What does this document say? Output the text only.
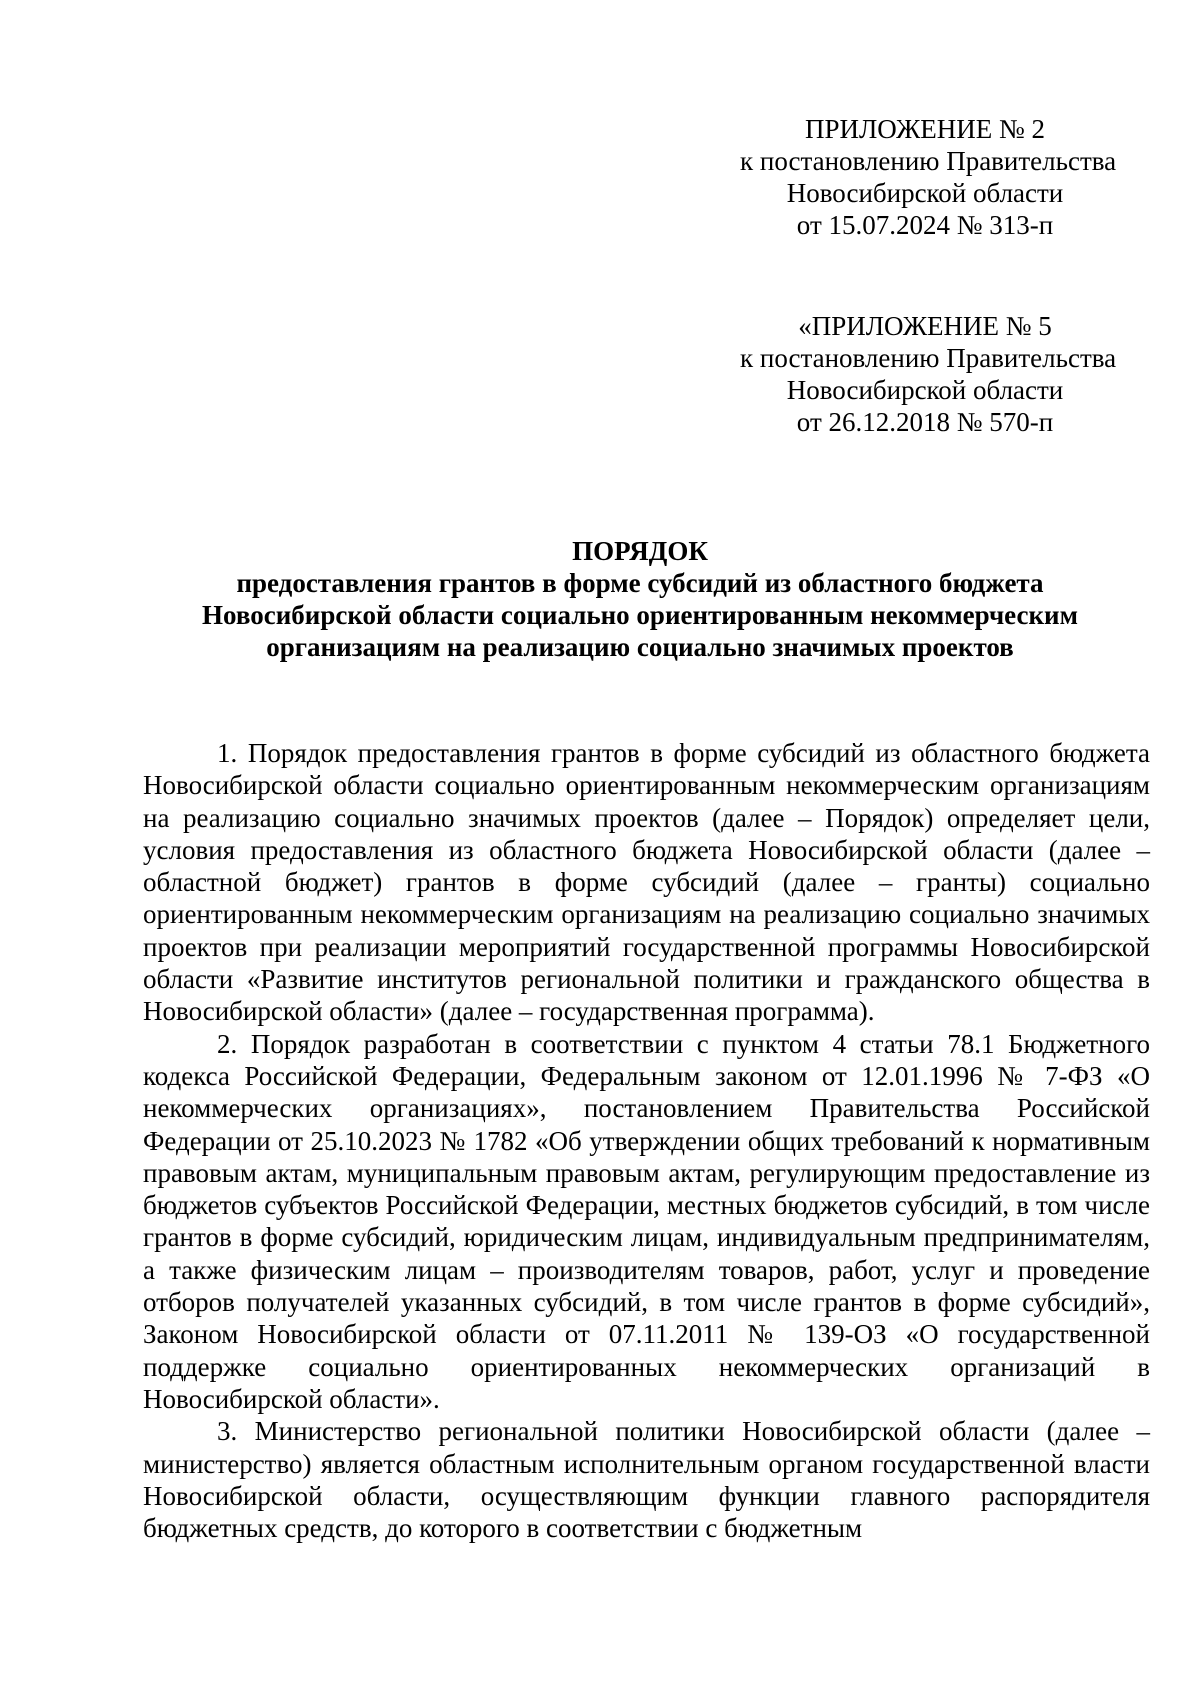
ПРИЛОЖЕНИЕ № 2
к постановлению Правительства
Новосибирской области
от 15.07.2024 № 313-п
«ПРИЛОЖЕНИЕ № 5
к постановлению Правительства
Новосибирской области
от 26.12.2018 № 570-п
ПОРЯДОК
предоставления грантов в форме субсидий из областного бюджета
Новосибирской области социально ориентированным некоммерческим
организациям на реализацию социально значимых проектов

1. Порядок предоставления грантов в форме субсидий из областного бюджета Новосибирской области социально ориентированным некоммерческим организациям на реализацию социально значимых проектов (далее – Порядок) определяет цели, условия предоставления из областного бюджета Новосибирской области (далее – областной бюджет) грантов в форме субсидий (далее – гранты) социально ориентированным некоммерческим организациям на реализацию социально значимых проектов при реализации мероприятий государственной программы Новосибирской области «Развитие институтов региональной политики и гражданского общества в Новосибирской области» (далее – государственная программа).

2. Порядок разработан в соответствии с пунктом 4 статьи 78.1 Бюджетного кодекса Российской Федерации, Федеральным законом от 12.01.1996 № 7-ФЗ «О некоммерческих организациях», постановлением Правительства Российской Федерации от 25.10.2023 № 1782 «Об утверждении общих требований к нормативным правовым актам, муниципальным правовым актам, регулирующим предоставление из бюджетов субъектов Российской Федерации, местных бюджетов субсидий, в том числе грантов в форме субсидий, юридическим лицам, индивидуальным предпринимателям, а также физическим лицам – производителям товаров, работ, услуг и проведение отборов получателей указанных субсидий, в том числе грантов в форме субсидий», Законом Новосибирской области от 07.11.2011 № 139-ОЗ «О государственной поддержке социально ориентированных некоммерческих организаций в Новосибирской области».

3. Министерство региональной политики Новосибирской области (далее – министерство) является областным исполнительным органом государственной власти Новосибирской области, осуществляющим функции главного распорядителя бюджетных средств, до которого в соответствии с бюджетным
